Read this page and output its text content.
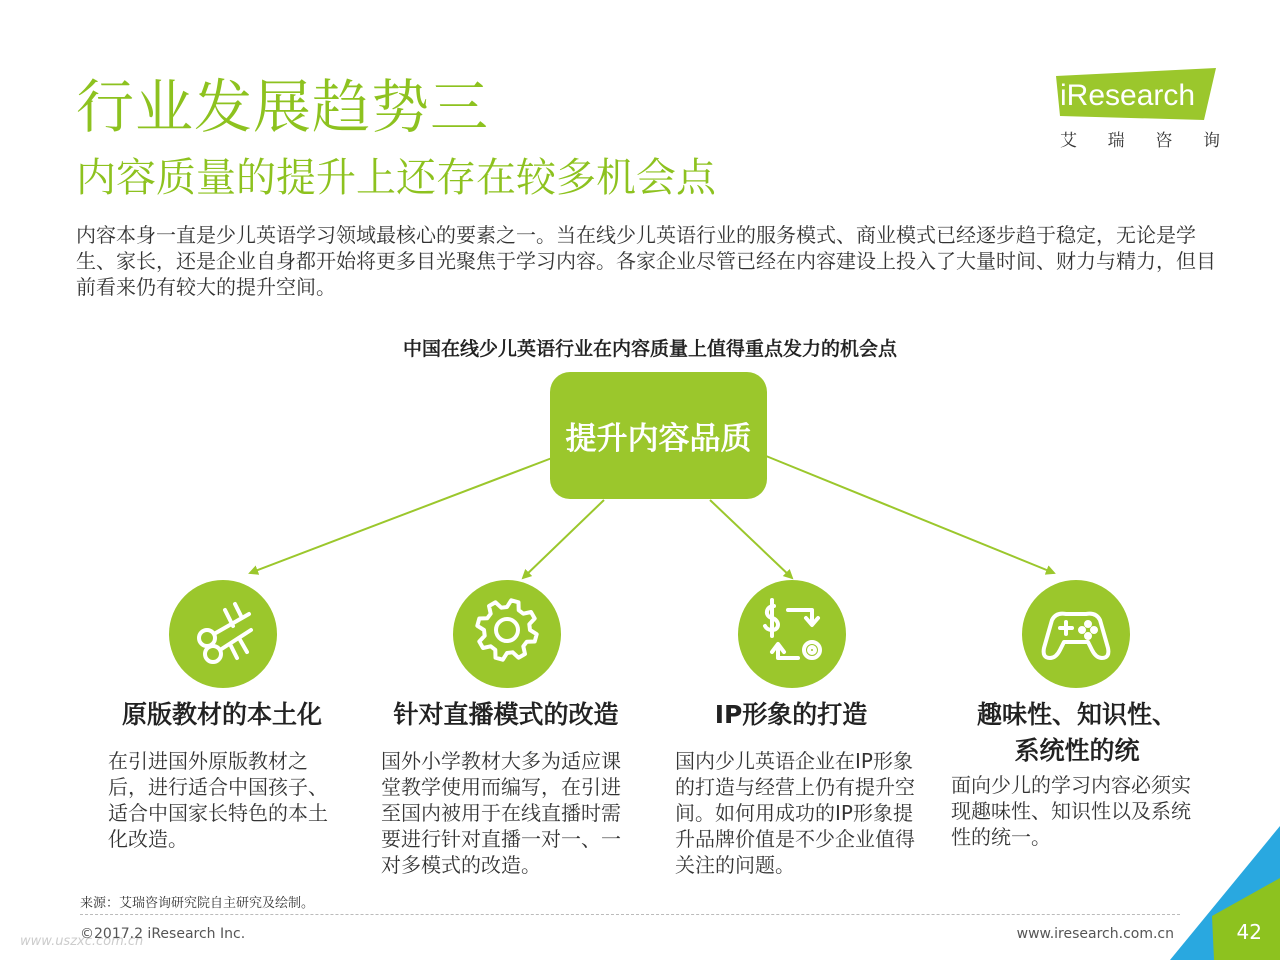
行业发展趋势三
内容质量的提升上还存在较多机会点
iResearch
艾 瑞 咨 询
内容本身一直是少儿英语学习领域最核心的要素之一。当在线少儿英语行业的服务模式、商业模式已经逐步趋于稳定，无论是学生、家长，还是企业自身都开始将更多目光聚焦于学习内容。各家企业尽管已经在内容建设上投入了大量时间、财力与精力，但目前看来仍有较大的提升空间。
中国在线少儿英语行业在内容质量上值得重点发力的机会点
提升内容品质
原版教材的本土化
在引进国外原版教材之后，进行适合中国孩子、适合中国家长特色的本土化改造。
针对直播模式的改造
国外小学教材大多为适应课堂教学使用而编写，在引进至国内被用于在线直播时需要进行针对直播一对一、一对多模式的改造。
IP形象的打造
国内少儿英语企业在IP形象的打造与经营上仍有提升空间。如何用成功的IP形象提升品牌价值是不少企业值得关注的问题。
趣味性、知识性、系统性的统
面向少儿的学习内容必须实现趣味性、知识性以及系统性的统一。
来源：艾瑞咨询研究院自主研究及绘制。
www.uszxc.com.cn
©2017.2 iResearch Inc.	www.iresearch.com.cn	42
